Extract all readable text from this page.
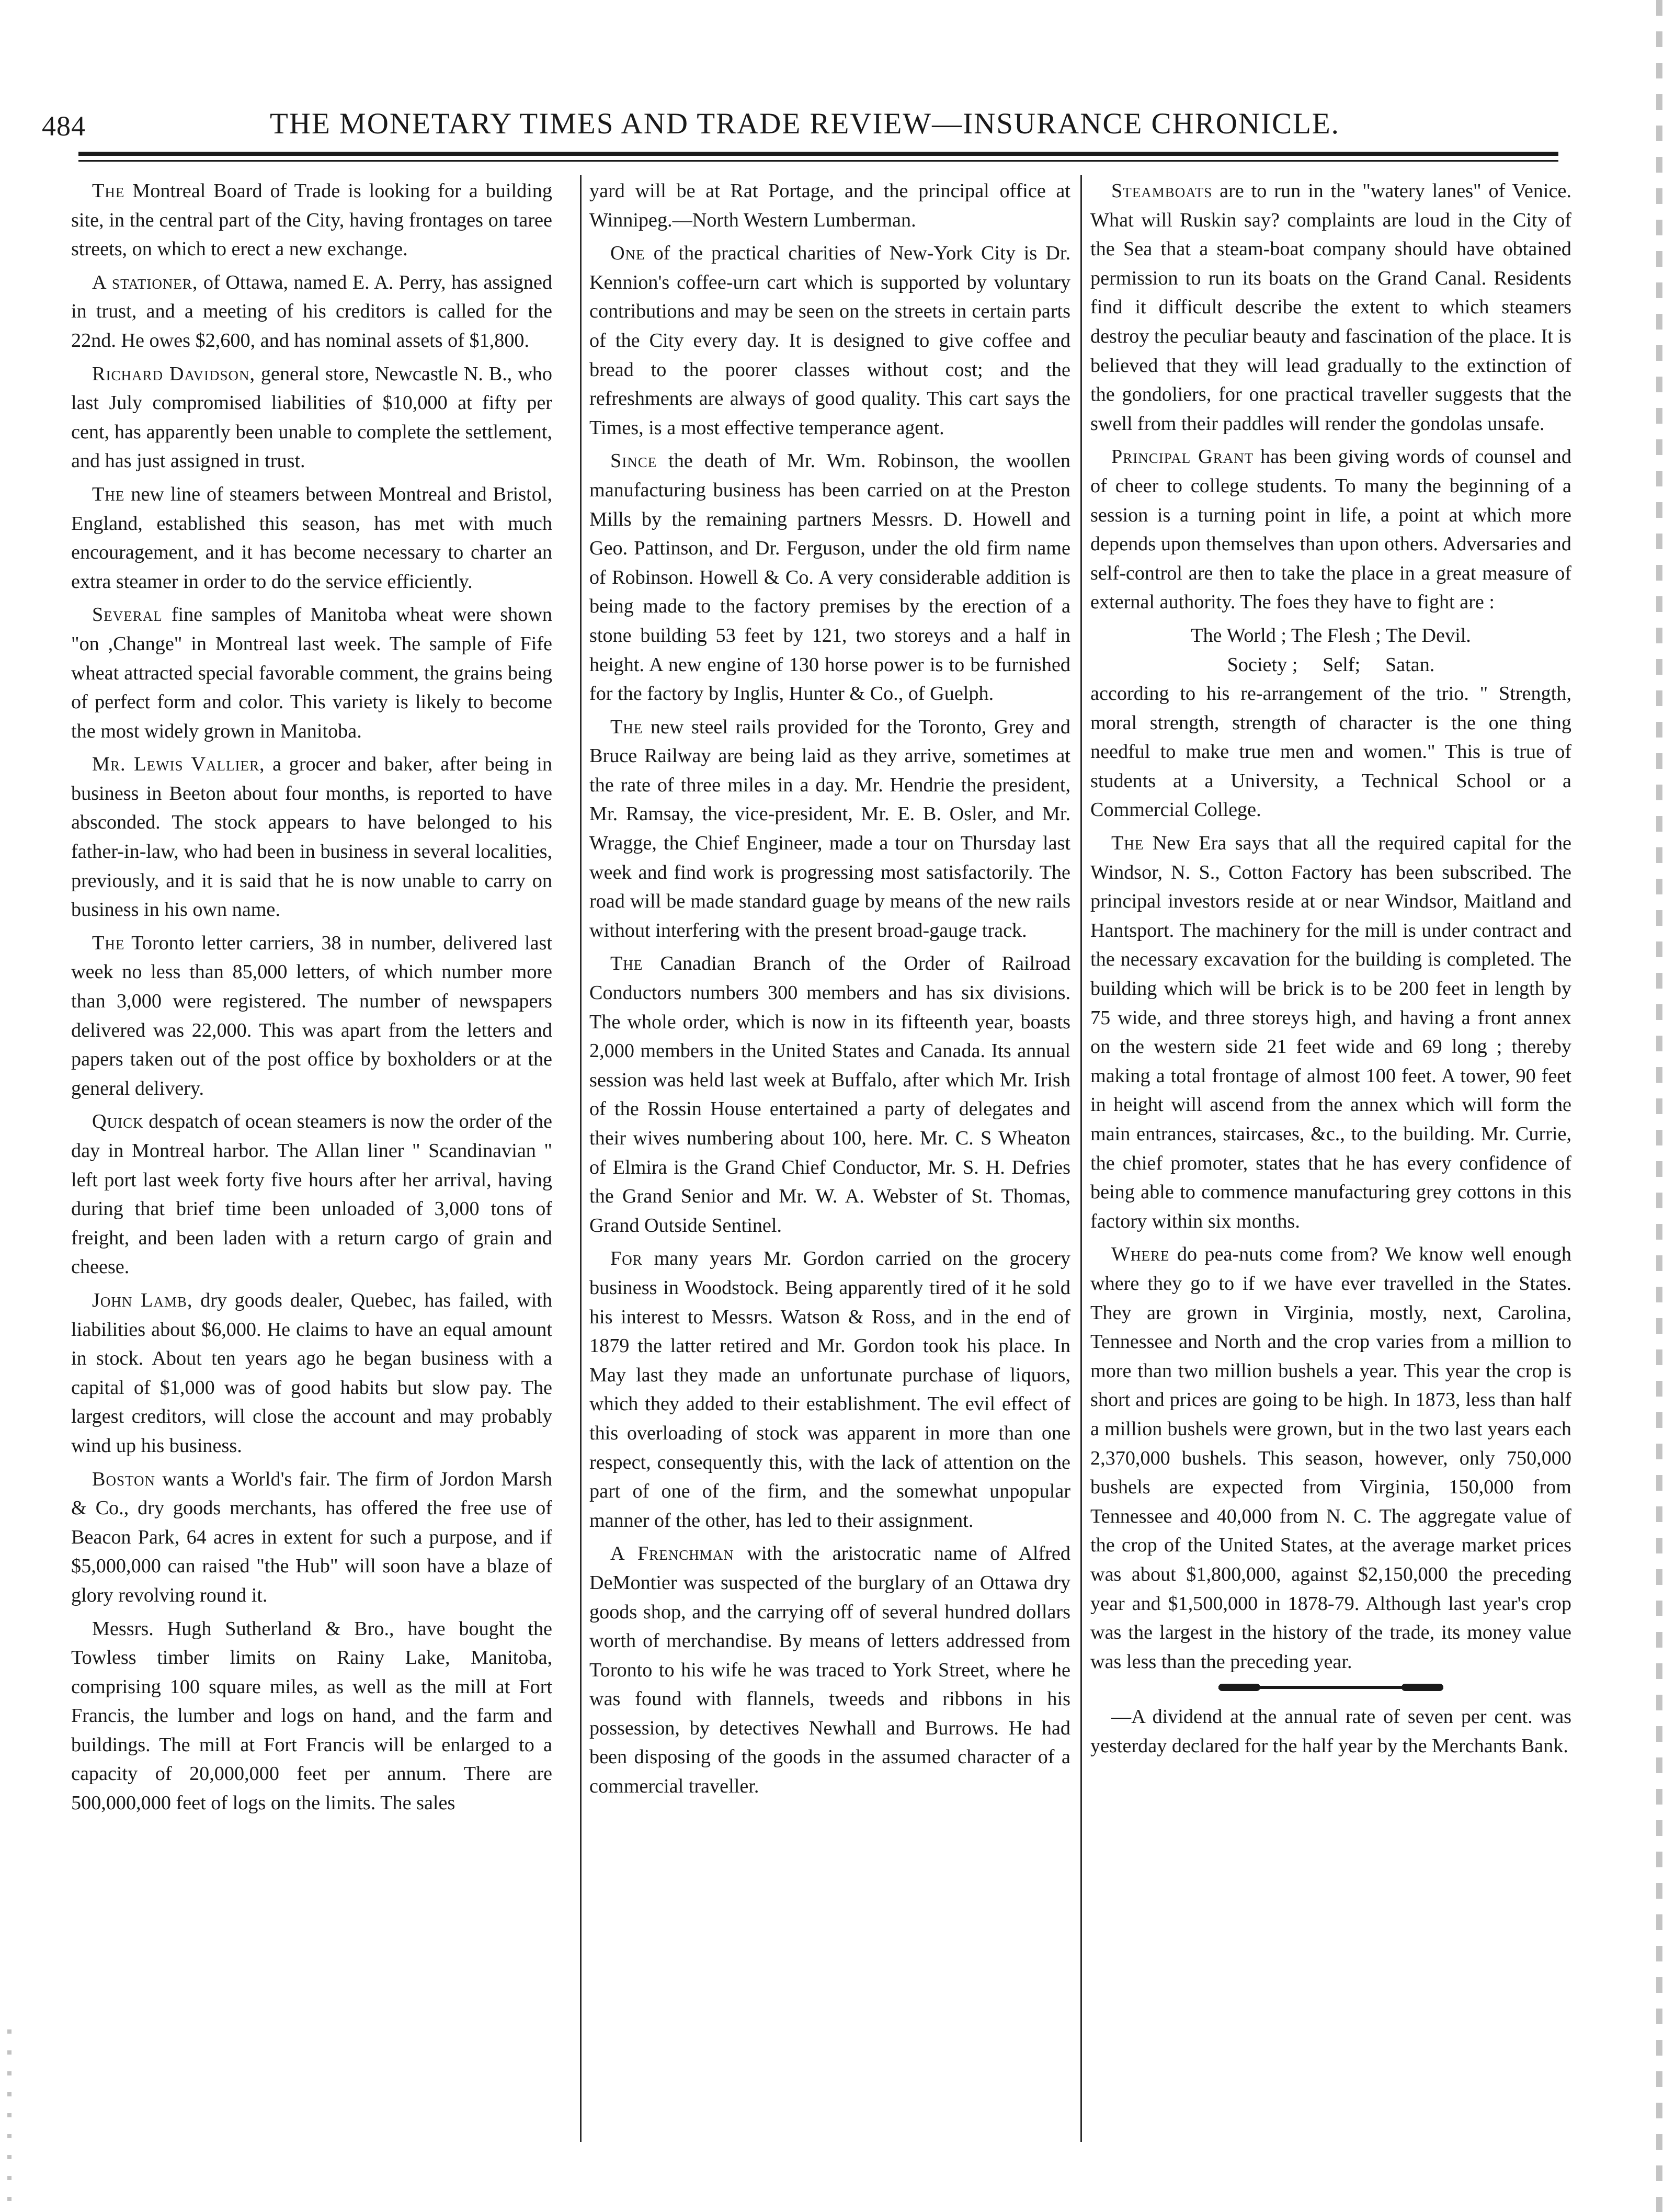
484	THE MONETARY TIMES AND TRADE REVIEW—INSURANCE CHRONICLE.

The Montreal Board of Trade is looking for a building site, in the central part of the City, having frontages on taree streets, on which to erect a new exchange.

A stationer, of Ottawa, named E. A. Perry, has assigned in trust, and a meeting of his creditors is called for the 22nd. He owes $2,600, and has nominal assets of $1,800.

Richard Davidson, general store, Newcastle N. B., who last July compromised liabilities of $10,000 at fifty per cent, has apparently been unable to complete the settlement, and has just assigned in trust.

The new line of steamers between Montreal and Bristol, England, established this season, has met with much encouragement, and it has become necessary to charter an extra steamer in order to do the service efficiently.

Several fine samples of Manitoba wheat were shown "on ,Change" in Montreal last week. The sample of Fife wheat attracted special favorable comment, the grains being of perfect form and color. This variety is likely to become the most widely grown in Manitoba.

Mr. Lewis Vallier, a grocer and baker, after being in business in Beeton about four months, is reported to have absconded. The stock appears to have belonged to his father-in-law, who had been in business in several localities, previously, and it is said that he is now unable to carry on business in his own name.

The Toronto letter carriers, 38 in number, delivered last week no less than 85,000 letters, of which number more than 3,000 were registered. The number of newspapers delivered was 22,000. This was apart from the letters and papers taken out of the post office by boxholders or at the general delivery.

Quick despatch of ocean steamers is now the order of the day in Montreal harbor. The Allan liner " Scandinavian " left port last week forty five hours after her arrival, having during that brief time been unloaded of 3,000 tons of freight, and been laden with a return cargo of grain and cheese.

John Lamb, dry goods dealer, Quebec, has failed, with liabilities about $6,000. He claims to have an equal amount in stock. About ten years ago he began business with a capital of $1,000 was of good habits but slow pay. The largest creditors, will close the account and may probably wind up his business.

Boston wants a World's fair. The firm of Jordon Marsh & Co., dry goods merchants, has offered the free use of Beacon Park, 64 acres in extent for such a purpose, and if $5,000,000 can raised "the Hub" will soon have a blaze of glory revolving round it.

Messrs. Hugh Sutherland & Bro., have bought the Towless timber limits on Rainy Lake, Manitoba, comprising 100 square miles, as well as the mill at Fort Francis, the lumber and logs on hand, and the farm and buildings. The mill at Fort Francis will be enlarged to a capacity of 20,000,000 feet per annum. There are 500,000,000 feet of logs on the limits. The sales

yard will be at Rat Portage, and the principal office at Winnipeg.—North Western Lumberman.

One of the practical charities of New-York City is Dr. Kennion's coffee-urn cart which is supported by voluntary contributions and may be seen on the streets in certain parts of the City every day. It is designed to give coffee and bread to the poorer classes without cost; and the refreshments are always of good quality. This cart says the Times, is a most effective temperance agent.

Since the death of Mr. Wm. Robinson, the woollen manufacturing business has been carried on at the Preston Mills by the remaining partners Messrs. D. Howell and Geo. Pattinson, and Dr. Ferguson, under the old firm name of Robinson. Howell & Co. A very considerable addition is being made to the factory premises by the erection of a stone building 53 feet by 121, two storeys and a half in height. A new engine of 130 horse power is to be furnished for the factory by Inglis, Hunter & Co., of Guelph.

The new steel rails provided for the Toronto, Grey and Bruce Railway are being laid as they arrive, sometimes at the rate of three miles in a day. Mr. Hendrie the president, Mr. Ramsay, the vice-president, Mr. E. B. Osler, and Mr. Wragge, the Chief Engineer, made a tour on Thursday last week and find work is progressing most satisfactorily. The road will be made standard guage by means of the new rails without interfering with the present broad-gauge track.

The Canadian Branch of the Order of Railroad Conductors numbers 300 members and has six divisions. The whole order, which is now in its fifteenth year, boasts 2,000 members in the United States and Canada. Its annual session was held last week at Buffalo, after which Mr. Irish of the Rossin House entertained a party of delegates and their wives numbering about 100, here. Mr. C. S Wheaton of Elmira is the Grand Chief Conductor, Mr. S. H. Defries the Grand Senior and Mr. W. A. Webster of St. Thomas, Grand Outside Sentinel.

For many years Mr. Gordon carried on the grocery business in Woodstock. Being apparently tired of it he sold his interest to Messrs. Watson & Ross, and in the end of 1879 the latter retired and Mr. Gordon took his place. In May last they made an unfortunate purchase of liquors, which they added to their establishment. The evil effect of this overloading of stock was apparent in more than one respect, consequently this, with the lack of attention on the part of one of the firm, and the somewhat unpopular manner of the other, has led to their assignment.

A Frenchman with the aristocratic name of Alfred DeMontier was suspected of the burglary of an Ottawa dry goods shop, and the carrying off of several hundred dollars worth of merchandise. By means of letters addressed from Toronto to his wife he was traced to York Street, where he was found with flannels, tweeds and ribbons in his possession, by detectives Newhall and Burrows. He had been disposing of the goods in the assumed character of a commercial traveller.

Steamboats are to run in the "watery lanes" of Venice. What will Ruskin say? complaints are loud in the City of the Sea that a steam-boat company should have obtained permission to run its boats on the Grand Canal. Residents find it difficult describe the extent to which steamers destroy the peculiar beauty and fascination of the place. It is believed that they will lead gradually to the extinction of the gondoliers, for one practical traveller suggests that the swell from their paddles will render the gondolas unsafe.

Principal Grant has been giving words of counsel and of cheer to college students. To many the beginning of a session is a turning point in life, a point at which more depends upon themselves than upon others. Adversaries and self-control are then to take the place in a great measure of external authority. The foes they have to fight are :

The World ; The Flesh ; The Devil.

Society ;     Self;     Satan.

according to his re-arrangement of the trio. " Strength, moral strength, strength of character is the one thing needful to make true men and women." This is true of students at a University, a Technical School or a Commercial College.

The New Era says that all the required capital for the Windsor, N. S., Cotton Factory has been subscribed. The principal investors reside at or near Windsor, Maitland and Hantsport. The machinery for the mill is under contract and the necessary excavation for the building is completed. The building which will be brick is to be 200 feet in length by 75 wide, and three storeys high, and having a front annex on the western side 21 feet wide and 69 long ; thereby making a total frontage of almost 100 feet. A tower, 90 feet in height will ascend from the annex which will form the main entrances, staircases, &c., to the building. Mr. Currie, the chief promoter, states that he has every confidence of being able to commence manufacturing grey cottons in this factory within six months.

Where do pea-nuts come from? We know well enough where they go to if we have ever travelled in the States. They are grown in Virginia, mostly, next, Carolina, Tennessee and North and the crop varies from a million to more than two million bushels a year. This year the crop is short and prices are going to be high. In 1873, less than half a million bushels were grown, but in the two last years each 2,370,000 bushels. This season, however, only 750,000 bushels are expected from Virginia, 150,000 from Tennessee and 40,000 from N. C. The aggregate value of the crop of the United States, at the average market prices was about $1,800,000, against $2,150,000 the preceding year and $1,500,000 in 1878-79. Although last year's crop was the largest in the history of the trade, its money value was less than the preceding year.

—A dividend at the annual rate of seven per cent. was yesterday declared for the half year by the Merchants Bank.
